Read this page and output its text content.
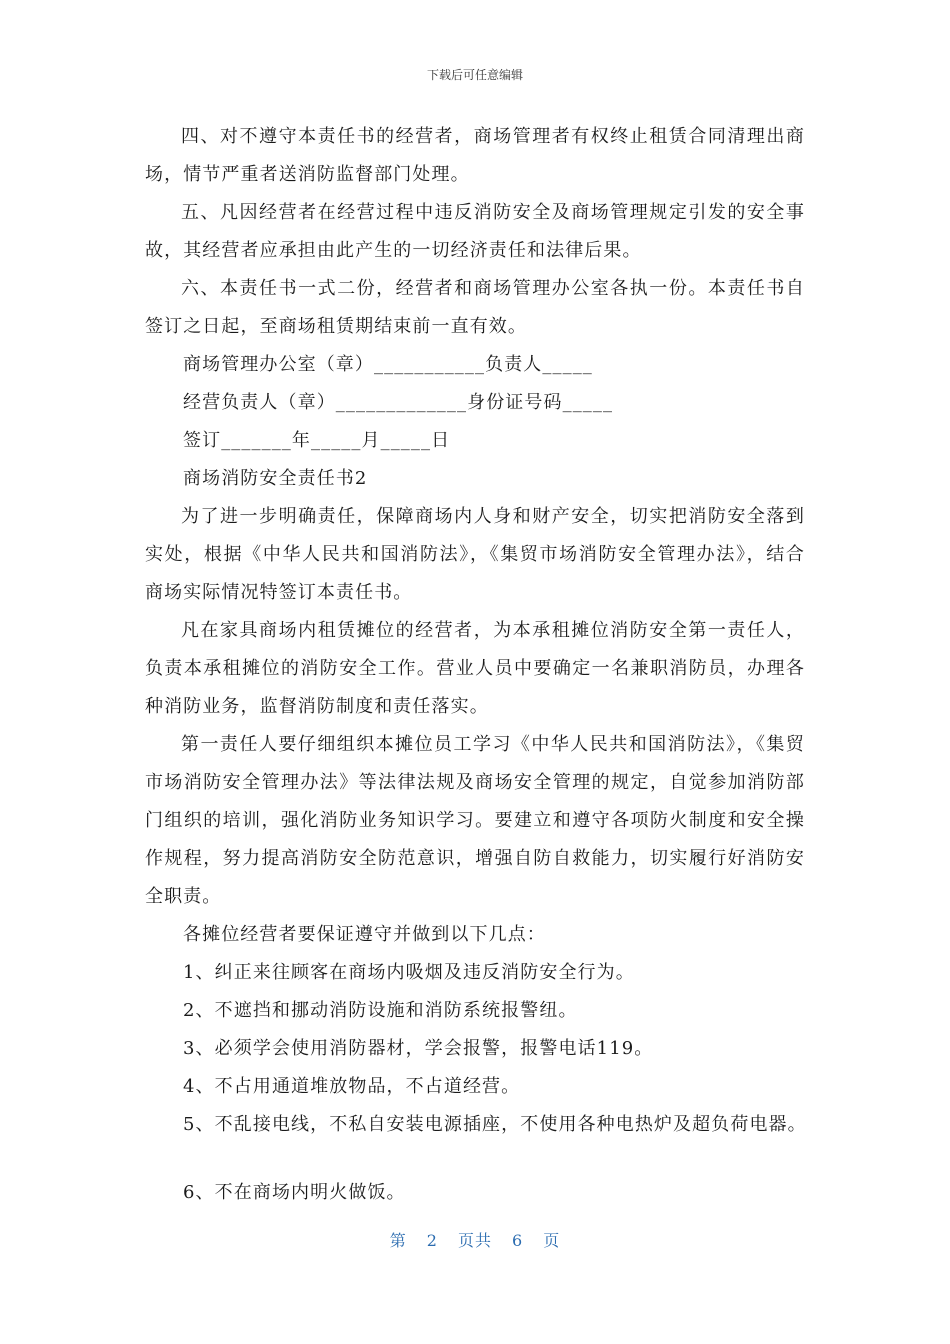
下载后可任意编辑

四、对不遵守本责任书的经营者，商场管理者有权终止租赁合同清理出商场，情节严重者送消防监督部门处理。

五、凡因经营者在经营过程中违反消防安全及商场管理规定引发的安全事故，其经营者应承担由此产生的一切经济责任和法律后果。

六、本责任书一式二份，经营者和商场管理办公室各执一份。本责任书自签订之日起，至商场租赁期结束前一直有效。

商场管理办公室（章）___________负责人_____

经营负责人（章）_____________身份证号码_____

签订_______年_____月_____日

商场消防安全责任书2

为了进一步明确责任，保障商场内人身和财产安全，切实把消防安全落到实处，根据《中华人民共和国消防法》，《集贸市场消防安全管理办法》，结合商场实际情况特签订本责任书。

凡在家具商场内租赁摊位的经营者，为本承租摊位消防安全第一责任人，负责本承租摊位的消防安全工作。营业人员中要确定一名兼职消防员，办理各种消防业务，监督消防制度和责任落实。

第一责任人要仔细组织本摊位员工学习《中华人民共和国消防法》，《集贸市场消防安全管理办法》等法律法规及商场安全管理的规定，自觉参加消防部门组织的培训，强化消防业务知识学习。要建立和遵守各项防火制度和安全操作规程，努力提高消防安全防范意识，增强自防自救能力，切实履行好消防安全职责。

各摊位经营者要保证遵守并做到以下几点：

1、纠正来往顾客在商场内吸烟及违反消防安全行为。

2、不遮挡和挪动消防设施和消防系统报警纽。

3、必须学会使用消防器材，学会报警，报警电话119。

4、不占用通道堆放物品，不占道经营。

5、不乱接电线，不私自安装电源插座，不使用各种电热炉及超负荷电器。

6、不在商场内明火做饭。

第 2 页共 6 页
